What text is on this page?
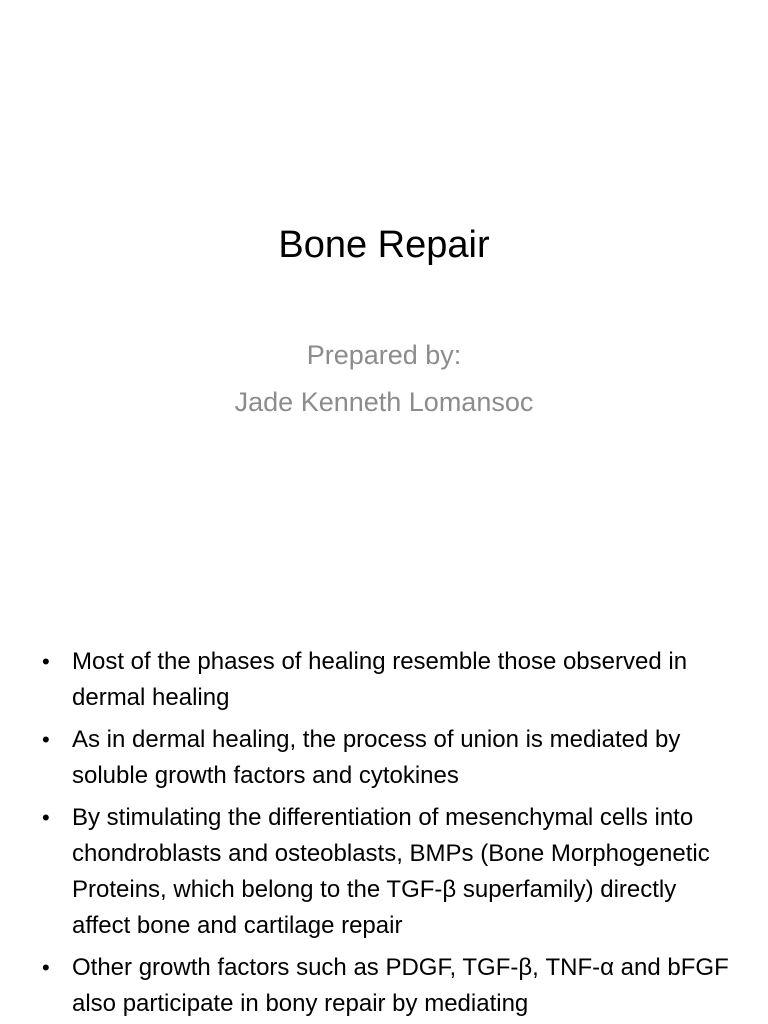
Bone Repair
Prepared by:
Jade Kenneth Lomansoc
• Most of the phases of healing resemble those observed in dermal healing
• As in dermal healing, the process of union is mediated by soluble growth factors and cytokines
• By stimulating the differentiation of mesenchymal cells into chondroblasts and osteoblasts, BMPs (Bone Morphogenetic Proteins, which belong to the TGF-β superfamily) directly affect bone and cartilage repair
• Other growth factors such as PDGF, TGF-β, TNF-α and bFGF also participate in bony repair by mediating
